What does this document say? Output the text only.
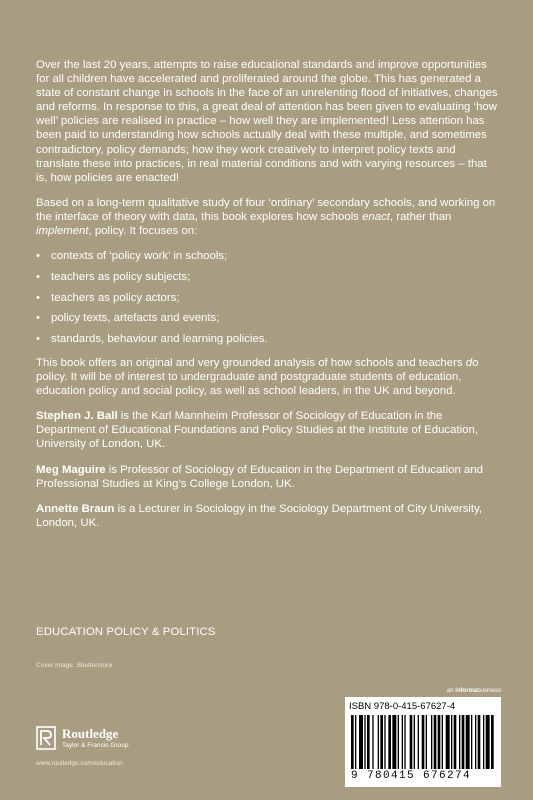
Over the last 20 years, attempts to raise educational standards and improve opportunities for all children have accelerated and proliferated around the globe. This has generated a state of constant change in schools in the face of an unrelenting flood of initiatives, changes and reforms. In response to this, a great deal of attention has been given to evaluating ‘how well’ policies are realised in practice – how well they are implemented! Less attention has been paid to understanding how schools actually deal with these multiple, and sometimes contradictory, policy demands; how they work creatively to interpret policy texts and translate these into practices, in real material conditions and with varying resources – that is, how policies are enacted!

Based on a long-term qualitative study of four ‘ordinary’ secondary schools, and working on the interface of theory with data, this book explores how schools enact, rather than implement, policy. It focuses on:

• contexts of ‘policy work’ in schools;
• teachers as policy subjects;
• teachers as policy actors;
• policy texts, artefacts and events;
• standards, behaviour and learning policies.

This book offers an original and very grounded analysis of how schools and teachers do policy. It will be of interest to undergraduate and postgraduate students of education, education policy and social policy, as well as school leaders, in the UK and beyond.

Stephen J. Ball is the Karl Mannheim Professor of Sociology of Education in the Department of Educational Foundations and Policy Studies at the Institute of Education, University of London, UK.

Meg Maguire is Professor of Sociology of Education in the Department of Education and Professional Studies at King’s College London, UK.

Annette Braun is a Lecturer in Sociology in the Sociology Department of City University, London, UK.

EDUCATION POLICY & POLITICS
Cover image: Shutterstock
an informabusiness
Routledge
Taylor & Francis Group
www.routledge.com/education
ISBN 978-0-415-67627-4
9 780415 676274
